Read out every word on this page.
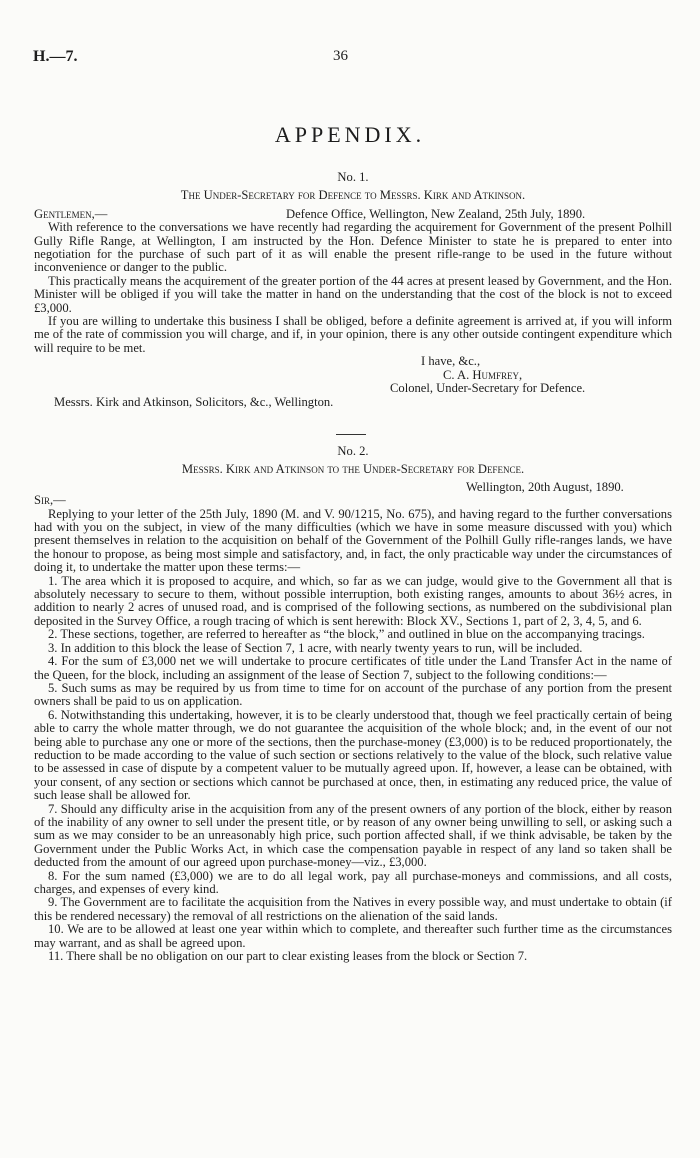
H.—7.	36
APPENDIX.

No. 1.

The Under-Secretary for Defence to Messrs. Kirk and Atkinson.

Gentlemen,—	Defence Office, Wellington, New Zealand, 25th July, 1890.

With reference to the conversations we have recently had regarding the acquirement for Government of the present Polhill Gully Rifle Range, at Wellington, I am instructed by the Hon. Defence Minister to state he is prepared to enter into negotiation for the purchase of such part of it as will enable the present rifle-range to be used in the future without inconvenience or danger to the public.

This practically means the acquirement of the greater portion of the 44 acres at present leased by Government, and the Hon. Minister will be obliged if you will take the matter in hand on the understanding that the cost of the block is not to exceed £3,000.

If you are willing to undertake this business I shall be obliged, before a definite agreement is arrived at, if you will inform me of the rate of commission you will charge, and if, in your opinion, there is any other outside contingent expenditure which will require to be met.

I have, &c.,

C. A. Humfrey,

Colonel, Under-Secretary for Defence.

Messrs. Kirk and Atkinson, Solicitors, &c., Wellington.

No. 2.

Messrs. Kirk and Atkinson to the Under-Secretary for Defence.

Wellington, 20th August, 1890.

Sir,—

Replying to your letter of the 25th July, 1890 (M. and V. 90/1215, No. 675), and having regard to the further conversations had with you on the subject, in view of the many difficulties (which we have in some measure discussed with you) which present themselves in relation to the acquisition on behalf of the Government of the Polhill Gully rifle-ranges lands, we have the honour to propose, as being most simple and satisfactory, and, in fact, the only practicable way under the circumstances of doing it, to undertake the matter upon these terms:—

1. The area which it is proposed to acquire, and which, so far as we can judge, would give to the Government all that is absolutely necessary to secure to them, without possible interruption, both existing ranges, amounts to about 36½ acres, in addition to nearly 2 acres of unused road, and is comprised of the following sections, as numbered on the subdivisional plan deposited in the Survey Office, a rough tracing of which is sent herewith: Block XV., Sections 1, part of 2, 3, 4, 5, and 6.

2. These sections, together, are referred to hereafter as “the block,” and outlined in blue on the accompanying tracings.

3. In addition to this block the lease of Section 7, 1 acre, with nearly twenty years to run, will be included.

4. For the sum of £3,000 net we will undertake to procure certificates of title under the Land Transfer Act in the name of the Queen, for the block, including an assignment of the lease of Section 7, subject to the following conditions:—

5. Such sums as may be required by us from time to time for on account of the purchase of any portion from the present owners shall be paid to us on application.

6. Notwithstanding this undertaking, however, it is to be clearly understood that, though we feel practically certain of being able to carry the whole matter through, we do not guarantee the acquisition of the whole block; and, in the event of our not being able to purchase any one or more of the sections, then the purchase-money (£3,000) is to be reduced proportionately, the reduction to be made according to the value of such section or sections relatively to the value of the block, such relative value to be assessed in case of dispute by a competent valuer to be mutually agreed upon. If, however, a lease can be obtained, with your consent, of any section or sections which cannot be purchased at once, then, in estimating any reduced price, the value of such lease shall be allowed for.

7. Should any difficulty arise in the acquisition from any of the present owners of any portion of the block, either by reason of the inability of any owner to sell under the present title, or by reason of any owner being unwilling to sell, or asking such a sum as we may consider to be an unreasonably high price, such portion affected shall, if we think advisable, be taken by the Government under the Public Works Act, in which case the compensation payable in respect of any land so taken shall be deducted from the amount of our agreed upon purchase-money—viz., £3,000.

8. For the sum named (£3,000) we are to do all legal work, pay all purchase-moneys and commissions, and all costs, charges, and expenses of every kind.

9. The Government are to facilitate the acquisition from the Natives in every possible way, and must undertake to obtain (if this be rendered necessary) the removal of all restrictions on the alienation of the said lands.

10. We are to be allowed at least one year within which to complete, and thereafter such further time as the circumstances may warrant, and as shall be agreed upon.

11. There shall be no obligation on our part to clear existing leases from the block or Section 7.
